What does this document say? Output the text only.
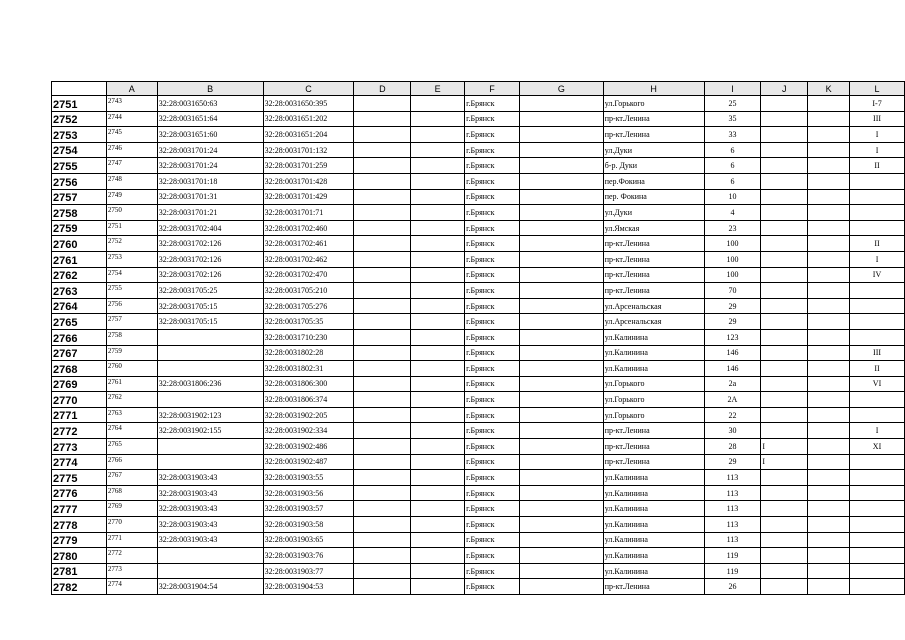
	A	B	C	D	E	F	G	H	I	J	K	L
2751	2743	32:28:0031650:63	32:28:0031650:395			г.Брянск		ул.Горького	25			I-7
2752	2744	32:28:0031651:64	32:28:0031651:202			г.Брянск		пр-кт.Ленина	35			III
2753	2745	32:28:0031651:60	32:28:0031651:204			г.Брянск		пр-кт.Ленина	33			I
2754	2746	32:28:0031701:24	32:28:0031701:132			г.Брянск		ул.Дуки	6			I
2755	2747	32:28:0031701:24	32:28:0031701:259			г.Брянск		б-р. Дуки	6			II
2756	2748	32:28:0031701:18	32:28:0031701:428			г.Брянск		пер.Фокина	6			
2757	2749	32:28:0031701:31	32:28:0031701:429			г.Брянск		пер. Фокина	10			
2758	2750	32:28:0031701:21	32:28:0031701:71			г.Брянск		ул.Дуки	4			
2759	2751	32:28:0031702:404	32:28:0031702:460			г.Брянск		ул.Ямская	23			
2760	2752	32:28:0031702:126	32:28:0031702:461			г.Брянск		пр-кт.Ленина	100			II
2761	2753	32:28:0031702:126	32:28:0031702:462			г.Брянск		пр-кт.Ленина	100			I
2762	2754	32:28:0031702:126	32:28:0031702:470			г.Брянск		пр-кт.Ленина	100			IV
2763	2755	32:28:0031705:25	32:28:0031705:210			г.Брянск		пр-кт.Ленина	70			
2764	2756	32:28:0031705:15	32:28:0031705:276			г.Брянск		ул.Арсенальская	29			
2765	2757	32:28:0031705:15	32:28:0031705:35			г.Брянск		ул.Арсенальская	29			
2766	2758		32:28:0031710:230			г.Брянск		ул.Калинина	123			
2767	2759		32:28:0031802:28			г.Брянск		ул.Калинина	146			III
2768	2760		32:28:0031802:31			г.Брянск		ул.Калинина	146			II
2769	2761	32:28:0031806:236	32:28:0031806:300			г.Брянск		ул.Горького	2а			VI
2770	2762		32:28:0031806:374			г.Брянск		ул.Горького	2А			
2771	2763	32:28:0031902:123	32:28:0031902:205			г.Брянск		ул.Горького	22			
2772	2764	32:28:0031902:155	32:28:0031902:334			г.Брянск		пр-кт.Ленина	30			I
2773	2765		32:28:0031902:486			г.Брянск		пр-кт.Ленина	28	I		XI
2774	2766		32:28:0031902:487			г.Брянск		пр-кт.Ленина	29	I		
2775	2767	32:28:0031903:43	32:28:0031903:55			г.Брянск		ул.Калинина	113			
2776	2768	32:28:0031903:43	32:28:0031903:56			г.Брянск		ул.Калинина	113			
2777	2769	32:28:0031903:43	32:28:0031903:57			г.Брянск		ул.Калинина	113			
2778	2770	32:28:0031903:43	32:28:0031903:58			г.Брянск		ул.Калинина	113			
2779	2771	32:28:0031903:43	32:28:0031903:65			г.Брянск		ул.Калинина	113			
2780	2772		32:28:0031903:76			г.Брянск		ул.Калинина	119			
2781	2773		32:28:0031903:77			г.Брянск		ул.Калинина	119			
2782	2774	32:28:0031904:54	32:28:0031904:53			г.Брянск		пр-кт.Ленина	26			
